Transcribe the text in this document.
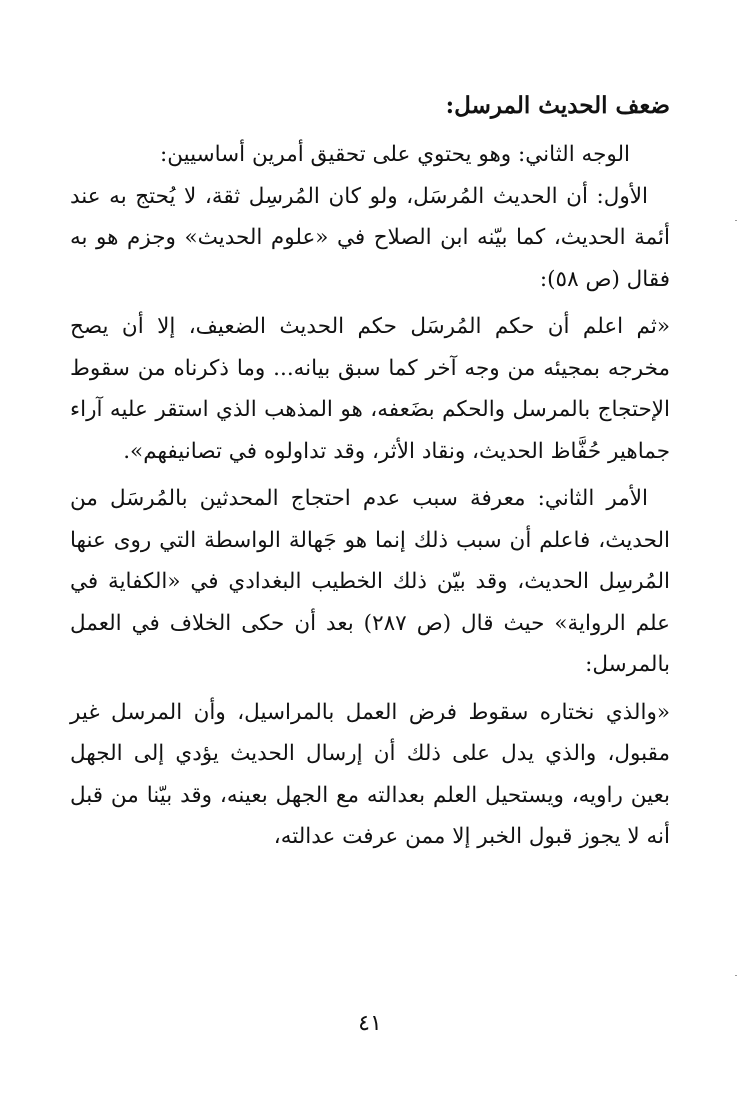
ضعف الحديث المرسل:

الوجه الثاني: وهو يحتوي على تحقيق أمرين أساسيين:

الأول: أن الحديث المُرسَل، ولو كان المُرسِل ثقة، لا يُحتج به عند أئمة الحديث، كما بيّنه ابن الصلاح في «علوم الحديث» وجزم هو به فقال (ص ٥٨):

«ثم اعلم أن حكم المُرسَل حكم الحديث الضعيف، إلا أن يصح مخرجه بمجيئه من وجه آخر كما سبق بيانه... وما ذكرناه من سقوط الإحتجاج بالمرسل والحكم بضَعفه، هو المذهب الذي استقر عليه آراء جماهير حُفَّاظ الحديث، ونقاد الأثر، وقد تداولوه في تصانيفهم».

الأمر الثاني: معرفة سبب عدم احتجاج المحدثين بالمُرسَل من الحديث، فاعلم أن سبب ذلك إنما هو جَهالة الواسطة التي روى عنها المُرسِل الحديث، وقد بيّن ذلك الخطيب البغدادي في «الكفاية في علم الرواية» حيث قال (ص ٢٨٧) بعد أن حكى الخلاف في العمل بالمرسل:

«والذي نختاره سقوط فرض العمل بالمراسيل، وأن المرسل غير مقبول، والذي يدل على ذلك أن إرسال الحديث يؤدي إلى الجهل بعين راويه، ويستحيل العلم بعدالته مع الجهل بعينه، وقد بيّنا من قبل أنه لا يجوز قبول الخبر إلا ممن عرفت عدالته،

٤١
